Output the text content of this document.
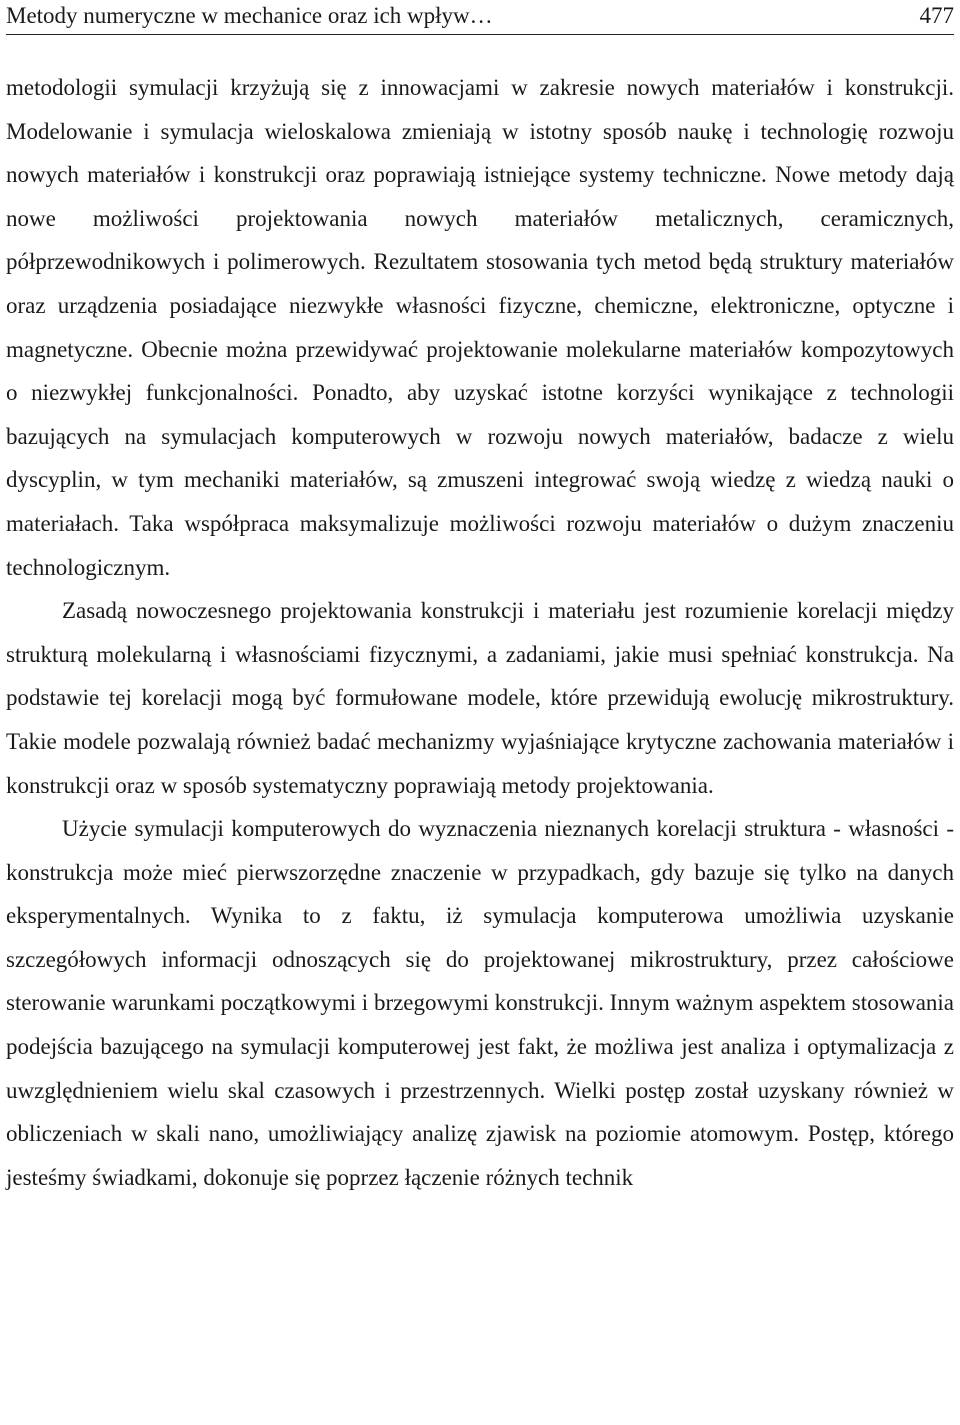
Metody numeryczne w mechanice oraz ich wpływ…	477

metodologii symulacji krzyżują się z innowacjami w zakresie nowych materiałów i konstrukcji. Modelowanie i symulacja wieloskalowa zmieniają w istotny sposób naukę i technologię rozwoju nowych materiałów i konstrukcji oraz poprawiają istniejące systemy techniczne. Nowe metody dają nowe możliwości projektowania nowych materiałów metalicznych, ceramicznych, półprzewodnikowych i polimerowych. Rezultatem stosowania tych metod będą struktury materiałów oraz urządzenia posiadające niezwykłe własności fizyczne, chemiczne, elektroniczne, optyczne i magnetyczne. Obecnie można przewidywać projektowanie molekularne materiałów kompozytowych o niezwykłej funkcjonalności. Ponadto, aby uzyskać istotne korzyści wynikające z technologii bazujących na symulacjach komputerowych w rozwoju nowych materiałów, badacze z wielu dyscyplin, w tym mechaniki materiałów, są zmuszeni integrować swoją wiedzę z wiedzą nauki o materiałach. Taka współpraca maksymalizuje możliwości rozwoju materiałów o dużym znaczeniu technologicznym.

Zasadą nowoczesnego projektowania konstrukcji i materiału jest rozumienie korelacji między strukturą molekularną i własnościami fizycznymi, a zadaniami, jakie musi spełniać konstrukcja. Na podstawie tej korelacji mogą być formułowane modele, które przewidują ewolucję mikrostruktury. Takie modele pozwalają również badać mechanizmy wyjaśniające krytyczne zachowania materiałów i konstrukcji oraz w sposób systematyczny poprawiają metody projektowania.

Użycie symulacji komputerowych do wyznaczenia nieznanych korelacji struktura - własności - konstrukcja może mieć pierwszorzędne znaczenie w przypadkach, gdy bazuje się tylko na danych eksperymentalnych. Wynika to z faktu, iż symulacja komputerowa umożliwia uzyskanie szczegółowych informacji odnoszących się do projektowanej mikrostruktury, przez całościowe sterowanie warunkami początkowymi i brzegowymi konstrukcji. Innym ważnym aspektem stosowania podejścia bazującego na symulacji komputerowej jest fakt, że możliwa jest analiza i optymalizacja z uwzględnieniem wielu skal czasowych i przestrzennych. Wielki postęp został uzyskany również w obliczeniach w skali nano, umożliwiający analizę zjawisk na poziomie atomowym. Postęp, którego jesteśmy świadkami, dokonuje się poprzez łączenie różnych technik
